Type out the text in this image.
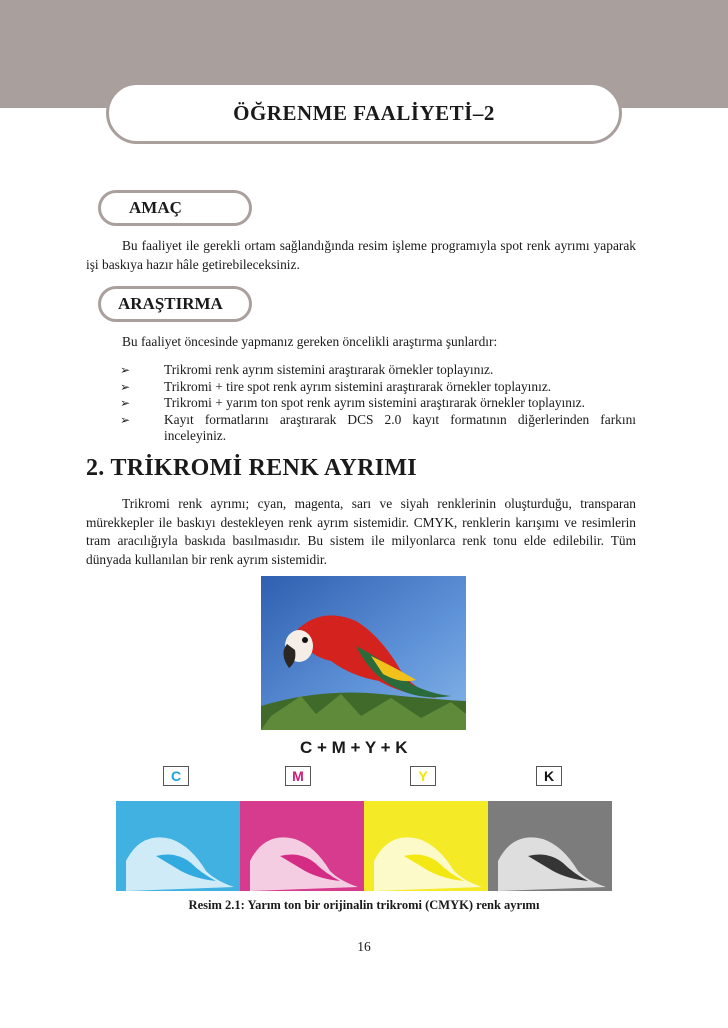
ÖĞRENME FAALİYETİ–2
AMAÇ
Bu faaliyet ile gerekli ortam sağlandığında resim işleme programıyla spot renk ayrımı yaparak işi baskıya hazır hâle getirebileceksiniz.
ARAŞTIRMA
Bu faaliyet öncesinde yapmanız gereken öncelikli araştırma şunlardır:
➢	Trikromi renk ayrım sistemini araştırarak örnekler toplayınız.
➢	Trikromi + tire spot renk ayrım sistemini araştırarak örnekler toplayınız.
➢	Trikromi + yarım ton spot renk ayrım sistemini araştırarak örnekler toplayınız.
➢	Kayıt formatlarını araştırarak DCS 2.0 kayıt formatının diğerlerinden farkını inceleyiniz.
2. TRİKROMİ RENK AYRIMI
Trikromi renk ayrımı; cyan, magenta, sarı ve siyah renklerinin oluşturduğu, transparan mürekkepler ile baskıyı destekleyen renk ayrım sistemidir. CMYK, renklerin karışımı ve resimlerin tram aracılığıyla baskıda basılmasıdır. Bu sistem ile milyonlarca renk tonu elde edilebilir. Tüm dünyada kullanılan bir renk ayrım sistemidir.
C + M + Y + K
C	M	Y	K
Resim 2.1: Yarım ton bir orijinalin trikromi (CMYK) renk ayrımı
16
